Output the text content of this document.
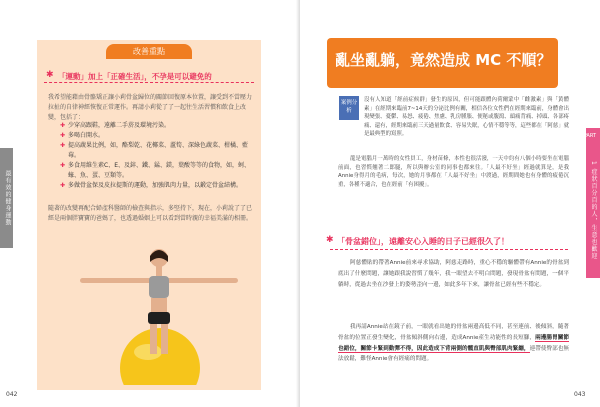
最有效的健身運動
改善重點
✱ 「運動」加上「正確生活」，不孕是可以避免的
我希望能藉由骨骼矯正讓小莉骨盆歸位的關節回復原本位置，讓受到不當壓力拉扯的自律神經恢復正常運作。再請小莉從了了一起往生活習慣和飲食上改變，包括了：
✚ 少穿高跟鞋，遠離二手菸及環境污染。
✚ 多喝白開水。
✚ 提高蔬果比例，如，酪梨乾、花椰菜、蘆筍、深綠色蔬菜、柑橘、藍莓。
✚ 多食用維生素C、E、及鋅、鐵、錳、鎂，葉酸等等的食物，如，蚵、蠔、魚、蛋、豆類等。
✚ 多做骨盆保及皮拉提斯的運動，加強肌肉力量，以鍛定骨盆結構。
隨著的改變再配合婦產科醫師的檢查與指示，多堅持下，現在，小莉說了了已經是兩個胖寶寶的爸媽了，也透過婚姻上可以看到當時親的幸福美滿的相冊。
042
亂坐亂躺，竟然造成 MC 不順？
案例分析
沒有人知道「經前症候群」發生的原因，但可能跟體內荷爾蒙中「雌激素」與「黃體素」在經期來臨前7~14天的分泌比例有關，相信各位女性們在經期來臨前，身體會出現變張、憂鬱、易怒、疲倦、焦慮、乳房腫脹、便秘或腹瀉、頭痛背痛、掉頭、各部疼痛、還有，經期來臨前三天過量飲食、容易失眠，心情不穩等等，這些都在「阿慈」就是最典型的寫照。
龍是電腦月一萬時的女性員工，身材苗條，本性也很活潑，一天中約有八個小時要坐在電腦前面，也習慣翹著二郎腿，所以與辦公室的同事也都來往。「人最不好坐」經過就算是，是我Annie身得月的毛病，每次，她的月事都在「人最不好坐」中渡過，經期間她也有身體的疲倦沉重，各種不適合，也在經前「有困擾」。
✱ 「骨盆錯位」，遠離安心入睡的日子已經很久了！
阿慈體貼的帶著Annie前來尋求協助，阿慈走路時，重心不穩的驅體帶有Annie的骨盆到底出了什麼問題，讓她跟我說習慣了幾年，我一眼望去不明白問題，發現骨盆有問題，一個平躺時，從過去坐在沙發上的姿勢歪向一邊，如此多年下來，讓骨盆已經有些不穩定。
我再請Annie站在鏡子前，一眼就看出她的骨盆兩邊高低不同，甚至連前、後傾斜，隨著骨盆的位置正發生變化，骨盆傾斜側向右邊，造成Annie產生功能性的長短腳，兩邊腸胃關節也錯位，關節卡緊到動彈不得，因此造成下背兩側的髖直肌與臀部肌肉緊繃，連帶使臀部也無法放鬆，難怪Annie會有經痛的問題。
PART
1 症狀百分百的人，生意也歡迎
043
